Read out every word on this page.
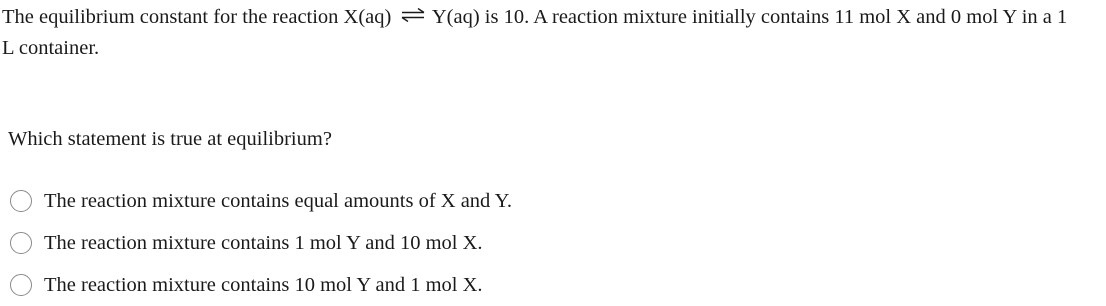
The equilibrium constant for the reaction X(aq) ⇌ Y(aq) is 10. A reaction mixture initially contains 11 mol X and 0 mol Y in a 1 L container.
Which statement is true at equilibrium?
The reaction mixture contains equal amounts of X and Y.
The reaction mixture contains 1 mol Y and 10 mol X.
The reaction mixture contains 10 mol Y and 1 mol X.
